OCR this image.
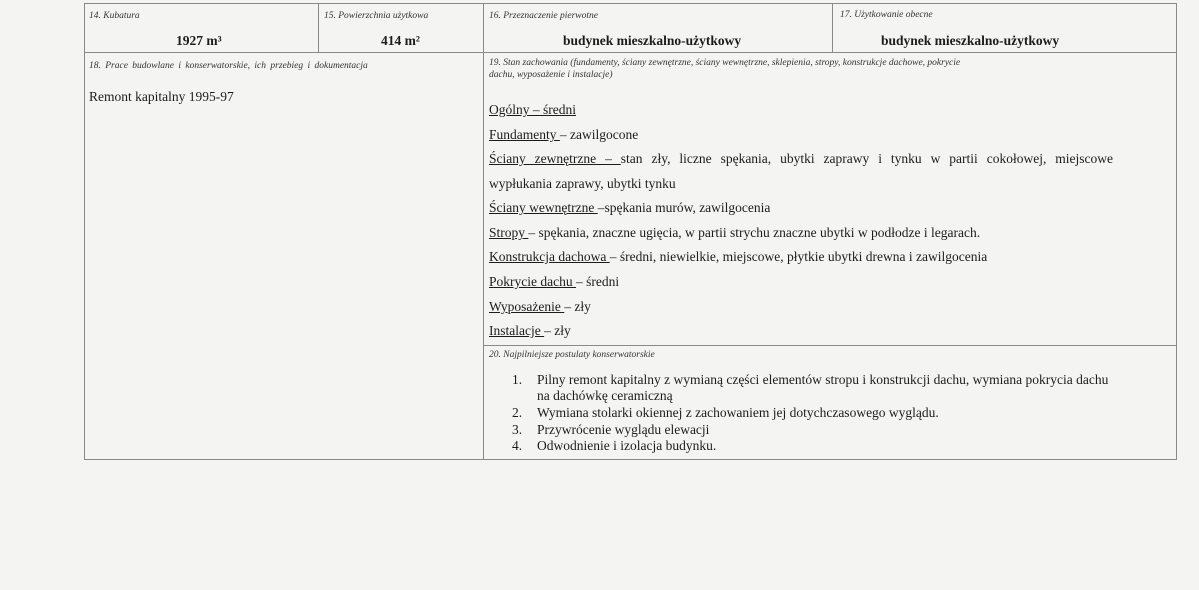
14. Kubatura
1927 m³
15. Powierzchnia użytkowa
414 m²
16. Przeznaczenie pierwotne
budynek mieszkalno-użytkowy
17. Użytkowanie obecne
budynek mieszkalno-użytkowy
18. Prace budowlane i konserwatorskie, ich przebieg i dokumentacja
Remont kapitalny 1995-97
19. Stan zachowania (fundamenty, ściany zewnętrzne, ściany wewnętrzne, sklepienia, stropy, konstrukcje dachowe, pokrycie
dachu, wyposażenie i instalacje)
Ogólny – średni
Fundamenty – zawilgocone
Ściany zewnętrzne – stan zły, liczne spękania, ubytki zaprawy i tynku w partii cokołowej, miejscowe
wypłukania zaprawy, ubytki tynku
Ściany wewnętrzne –spękania murów, zawilgocenia
Stropy – spękania, znaczne ugięcia, w partii strychu znaczne ubytki w podłodze i legarach.
Konstrukcja dachowa – średni, niewielkie, miejscowe, płytkie ubytki drewna i zawilgocenia
Pokrycie dachu – średni
Wyposażenie – zły
Instalacje – zły
20. Najpilniejsze postulaty konserwatorskie
1. Pilny remont kapitalny z wymianą części elementów stropu i konstrukcji dachu, wymiana pokrycia dachu na dachówkę ceramiczną
2. Wymiana stolarki okiennej z zachowaniem jej dotychczasowego wyglądu.
3. Przywrócenie wyglądu elewacji
4. Odwodnienie i izolacja budynku.
